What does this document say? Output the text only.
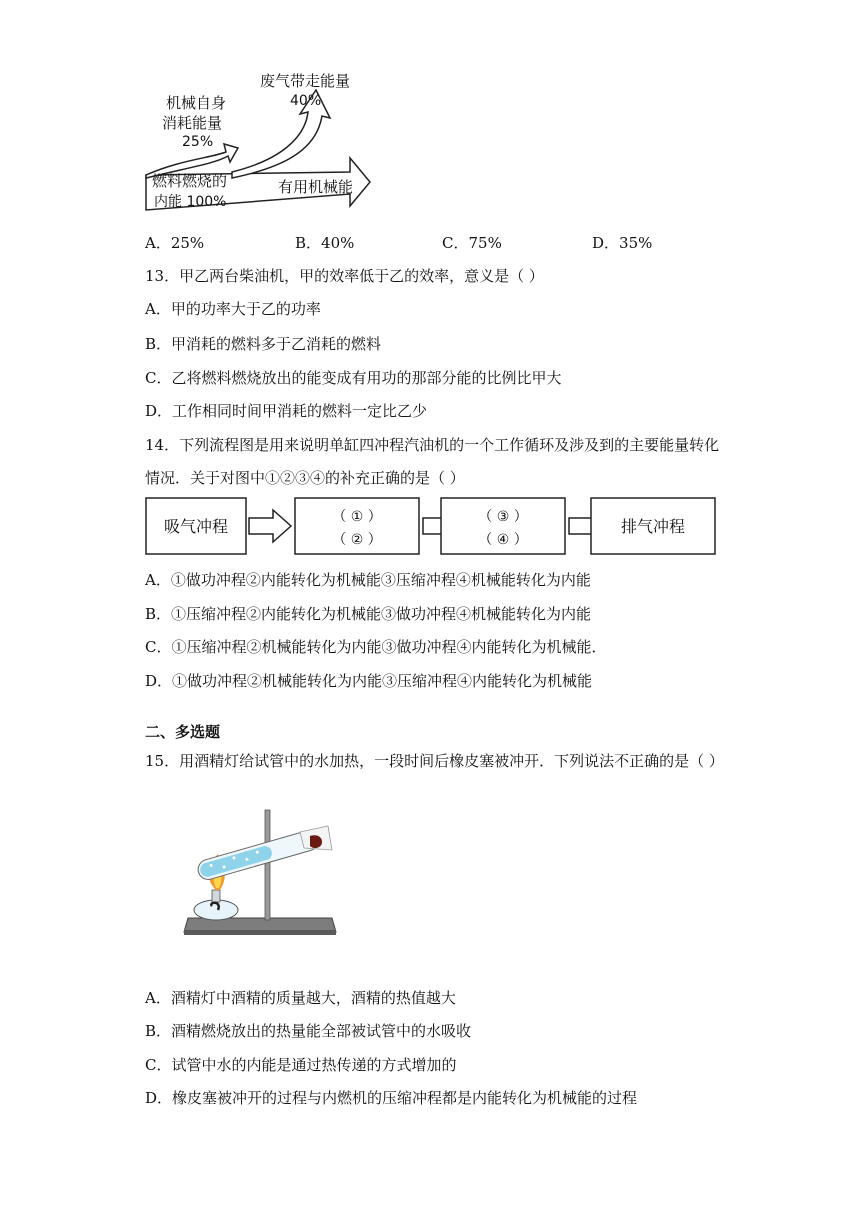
废气带走能量
40%
机械自身
消耗能量
25%
燃料燃烧的
内能 100%
有用机械能
A．25%	B．40%	C．75%	D．35%
13．甲乙两台柴油机，甲的效率低于乙的效率，意义是（ ）
A．甲的功率大于乙的功率
B．甲消耗的燃料多于乙消耗的燃料
C．乙将燃料燃烧放出的能变成有用功的那部分能的比例比甲大
D．工作相同时间甲消耗的燃料一定比乙少
14．下列流程图是用来说明单缸四冲程汽油机的一个工作循环及涉及到的主要能量转化
情况．关于对图中①②③④的补充正确的是（ ）
吸气冲程	（ ① ）
（ ② ）
（ ③ ）
（ ④ ）
排气冲程
A．①做功冲程②内能转化为机械能③压缩冲程④机械能转化为内能
B．①压缩冲程②内能转化为机械能③做功冲程④机械能转化为内能
C．①压缩冲程②机械能转化为内能③做功冲程④内能转化为机械能．
D．①做功冲程②机械能转化为内能③压缩冲程④内能转化为机械能
二、多选题
15．用酒精灯给试管中的水加热，一段时间后橡皮塞被冲开．下列说法不正确的是（ ）
A．酒精灯中酒精的质量越大，酒精的热值越大
B．酒精燃烧放出的热量能全部被试管中的水吸收
C．试管中水的内能是通过热传递的方式增加的
D．橡皮塞被冲开的过程与内燃机的压缩冲程都是内能转化为机械能的过程
